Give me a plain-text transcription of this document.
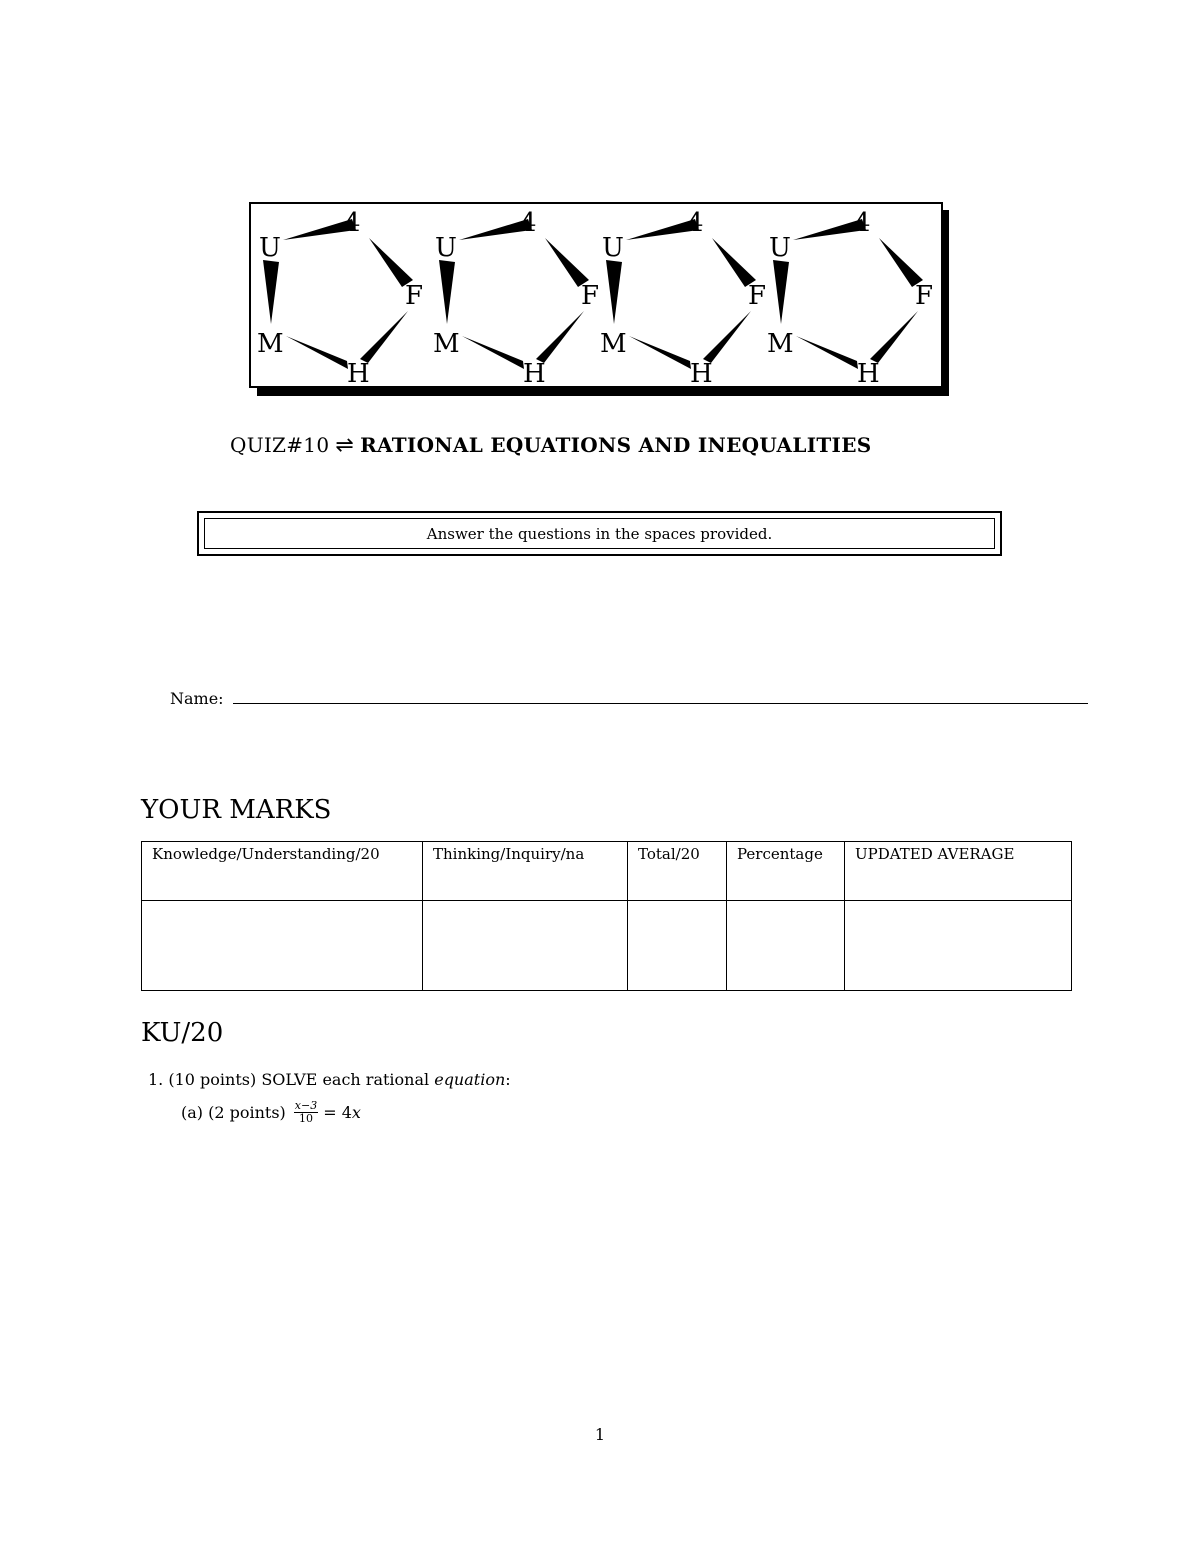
QUIZ#10 ⇌ RATIONAL EQUATIONS AND INEQUALITIES
Answer the questions in the spaces provided.
Name:
YOUR MARKS
Knowledge/Understanding/20	Thinking/Inquiry/na	Total/20	Percentage	UPDATED AVERAGE

KU/20
1. (10 points) SOLVE each rational equation:
(a) (2 points) $\frac{x-3}{10} = 4x$
1
